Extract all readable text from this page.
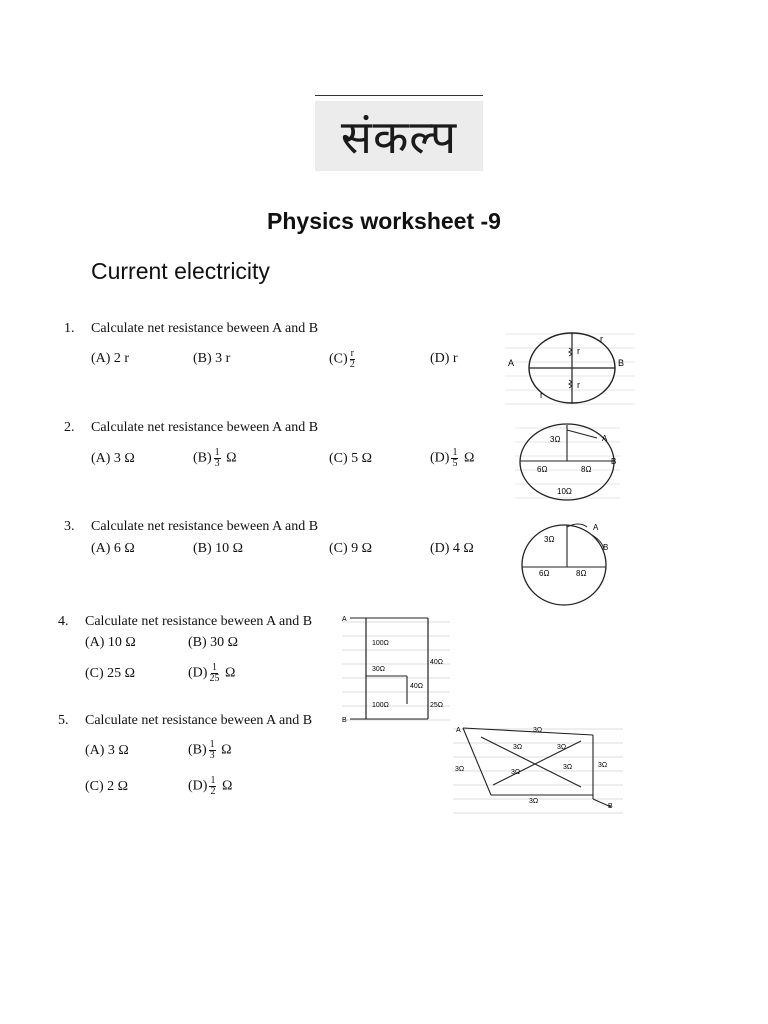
संकल्प
Physics worksheet -9
Current electricity
1. Calculate net resistance beween A and B
(A) 2 r	(B) 3 r	$(C) \frac{r}{2}$	(D) r
2. Calculate net resistance beween A and B
(A) 3 Ω	$(B) \frac{1}{3}$ Ω	(C) 5 Ω	$(D) \frac{1}{5}$ Ω
3. Calculate net resistance beween A and B
(A) 6 Ω	(B) 10 Ω	(C) 9 Ω	(D) 4 Ω
4. Calculate net resistance beween A and B
(A) 10 Ω	(B) 30 Ω
(C) 25 Ω	$(D) \frac{1}{25}$ Ω
5. Calculate net resistance beween A and B
(A) 3 Ω	$(B) \frac{1}{3}$ Ω
(C) 2 Ω	$(D) \frac{1}{2}$ Ω
A	B
r
r
r
r
3Ω
6Ω	8Ω
10Ω
A
B
3Ω
6Ω	8Ω
A
B
100Ω
30Ω
40Ω
100Ω
40Ω
25Ω
A
B
3Ω
3Ω	3Ω
3Ω	3Ω
3Ω	3Ω
3Ω
A
B
